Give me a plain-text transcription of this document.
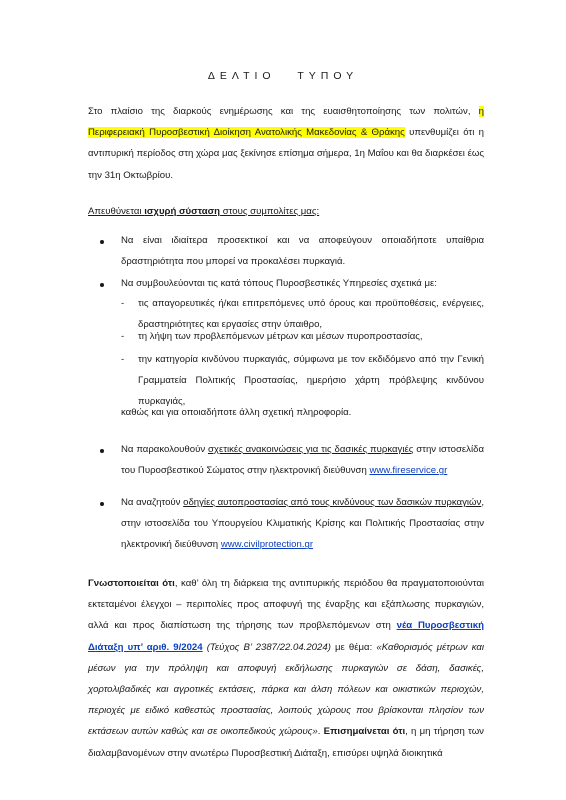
ΔΕΛΤΙΟ ΤΥΠΟΥ

Στο πλαίσιο της διαρκούς ενημέρωσης και της ευαισθητοποίησης των πολιτών, η Περιφερειακή Πυροσβεστική Διοίκηση Ανατολικής Μακεδονίας & Θράκης υπενθυμίζει ότι η αντιπυρική περίοδος στη χώρα μας ξεκίνησε επίσημα σήμερα, 1η Μαΐου και θα διαρκέσει έως την 31η Οκτωβρίου.

Απευθύνεται ισχυρή σύσταση στους συμπολίτες μας:

Να είναι ιδιαίτερα προσεκτικοί και να αποφεύγουν οποιαδήποτε υπαίθρια δραστηριότητα που μπορεί να προκαλέσει πυρκαγιά.

Να συμβουλεύονται τις κατά τόπους Πυροσβεστικές Υπηρεσίες σχετικά με:

- τις απαγορευτικές ή/και επιτρεπόμενες υπό όρους και προϋποθέσεις, ενέργειες, δραστηριότητες και εργασίες στην ύπαιθρο,

- τη λήψη των προβλεπόμενων μέτρων και μέσων πυροπροστασίας,

- την κατηγορία κινδύνου πυρκαγιάς, σύμφωνα με τον εκδιδόμενο από την Γενική Γραμματεία Πολιτικής Προστασίας, ημερήσιο χάρτη πρόβλεψης κινδύνου πυρκαγιάς,

καθώς και για οποιαδήποτε άλλη σχετική πληροφορία.

Να παρακολουθούν σχετικές ανακοινώσεις για τις δασικές πυρκαγιές στην ιστοσελίδα του Πυροσβεστικού Σώματος στην ηλεκτρονική διεύθυνση www.fireservice.gr

Να αναζητούν οδηγίες αυτοπροστασίας από τους κινδύνους των δασικών πυρκαγιών, στην ιστοσελίδα του Υπουργείου Κλιματικής Κρίσης και Πολιτικής Προστασίας στην ηλεκτρονική διεύθυνση www.civilprotection.gr

Γνωστοποιείται ότι, καθ’ όλη τη διάρκεια της αντιπυρικής περιόδου θα πραγματοποιούνται εκτεταμένοι έλεγχοι – περιπολίες προς αποφυγή της έναρξης και εξάπλωσης πυρκαγιών, αλλά και προς διαπίστωση της τήρησης των προβλεπόμενων στη νέα Πυροσβεστική Διάταξη υπ’ αριθ. 9/2024 (Τεύχος Β’ 2387/22.04.2024) με θέμα: «Καθορισμός μέτρων και μέσων για την πρόληψη και αποφυγή εκδήλωσης πυρκαγιών σε δάση, δασικές, χορτολιβαδικές και αγροτικές εκτάσεις, πάρκα και άλση πόλεων και οικιστικών περιοχών, περιοχές με ειδικό καθεστώς προστασίας, λοιπούς χώρους που βρίσκονται πλησίον των εκτάσεων αυτών καθώς και σε οικοπεδικούς χώρους». Επισημαίνεται ότι, η μη τήρηση των διαλαμβανομένων στην ανωτέρω Πυροσβεστική Διάταξη, επισύρει υψηλά διοικητικά
